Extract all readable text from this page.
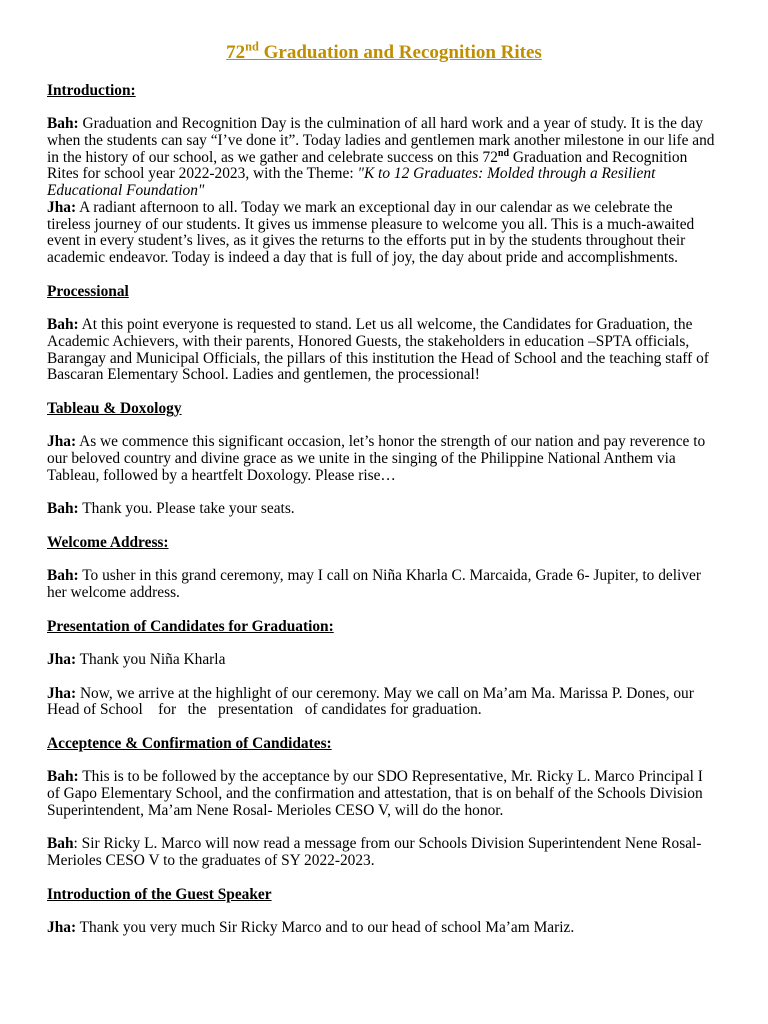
72nd Graduation and Recognition Rites

Introduction:

Bah: Graduation and Recognition Day is the culmination of all hard work and a year of study. It is the day when the students can say “I’ve done it”. Today ladies and gentlemen mark another milestone in our life and in the history of our school, as we gather and celebrate success on this 72nd Graduation and Recognition Rites for school year 2022-2023, with the Theme: "K to 12 Graduates: Molded through a Resilient Educational Foundation"

Jha: A radiant afternoon to all. Today we mark an exceptional day in our calendar as we celebrate the tireless journey of our students. It gives us immense pleasure to welcome you all. This is a much-awaited event in every student’s lives, as it gives the returns to the efforts put in by the students throughout their academic endeavor. Today is indeed a day that is full of joy, the day about pride and accomplishments.

Processional

Bah: At this point everyone is requested to stand. Let us all welcome, the Candidates for Graduation, the Academic Achievers, with their parents, Honored Guests, the stakeholders in education –SPTA officials, Barangay and Municipal Officials, the pillars of this institution the Head of School and the teaching staff of Bascaran Elementary School. Ladies and gentlemen, the processional!

Tableau & Doxology

Jha: As we commence this significant occasion, let’s honor the strength of our nation and pay reverence to our beloved country and divine grace as we unite in the singing of the Philippine National Anthem via Tableau, followed by a heartfelt Doxology. Please rise…

Bah: Thank you. Please take your seats.

Welcome Address:

Bah: To usher in this grand ceremony, may I call on Niña Kharla C. Marcaida, Grade 6- Jupiter, to deliver her welcome address.

Presentation of Candidates for Graduation:

Jha: Thank you Niña Kharla

Jha: Now, we arrive at the highlight of our ceremony. May we call on Ma’am Ma. Marissa P. Dones, our Head of School    for   the   presentation   of candidates for graduation.

Acceptence & Confirmation of Candidates:

Bah: This is to be followed by the acceptance by our SDO Representative, Mr. Ricky L. Marco Principal I of Gapo Elementary School, and the confirmation and attestation, that is on behalf of the Schools Division Superintendent, Ma’am Nene Rosal- Merioles CESO V, will do the honor.

Bah: Sir Ricky L. Marco will now read a message from our Schools Division Superintendent Nene Rosal-Merioles CESO V to the graduates of SY 2022-2023.

Introduction of the Guest Speaker

Jha: Thank you very much Sir Ricky Marco and to our head of school Ma’am Mariz.
